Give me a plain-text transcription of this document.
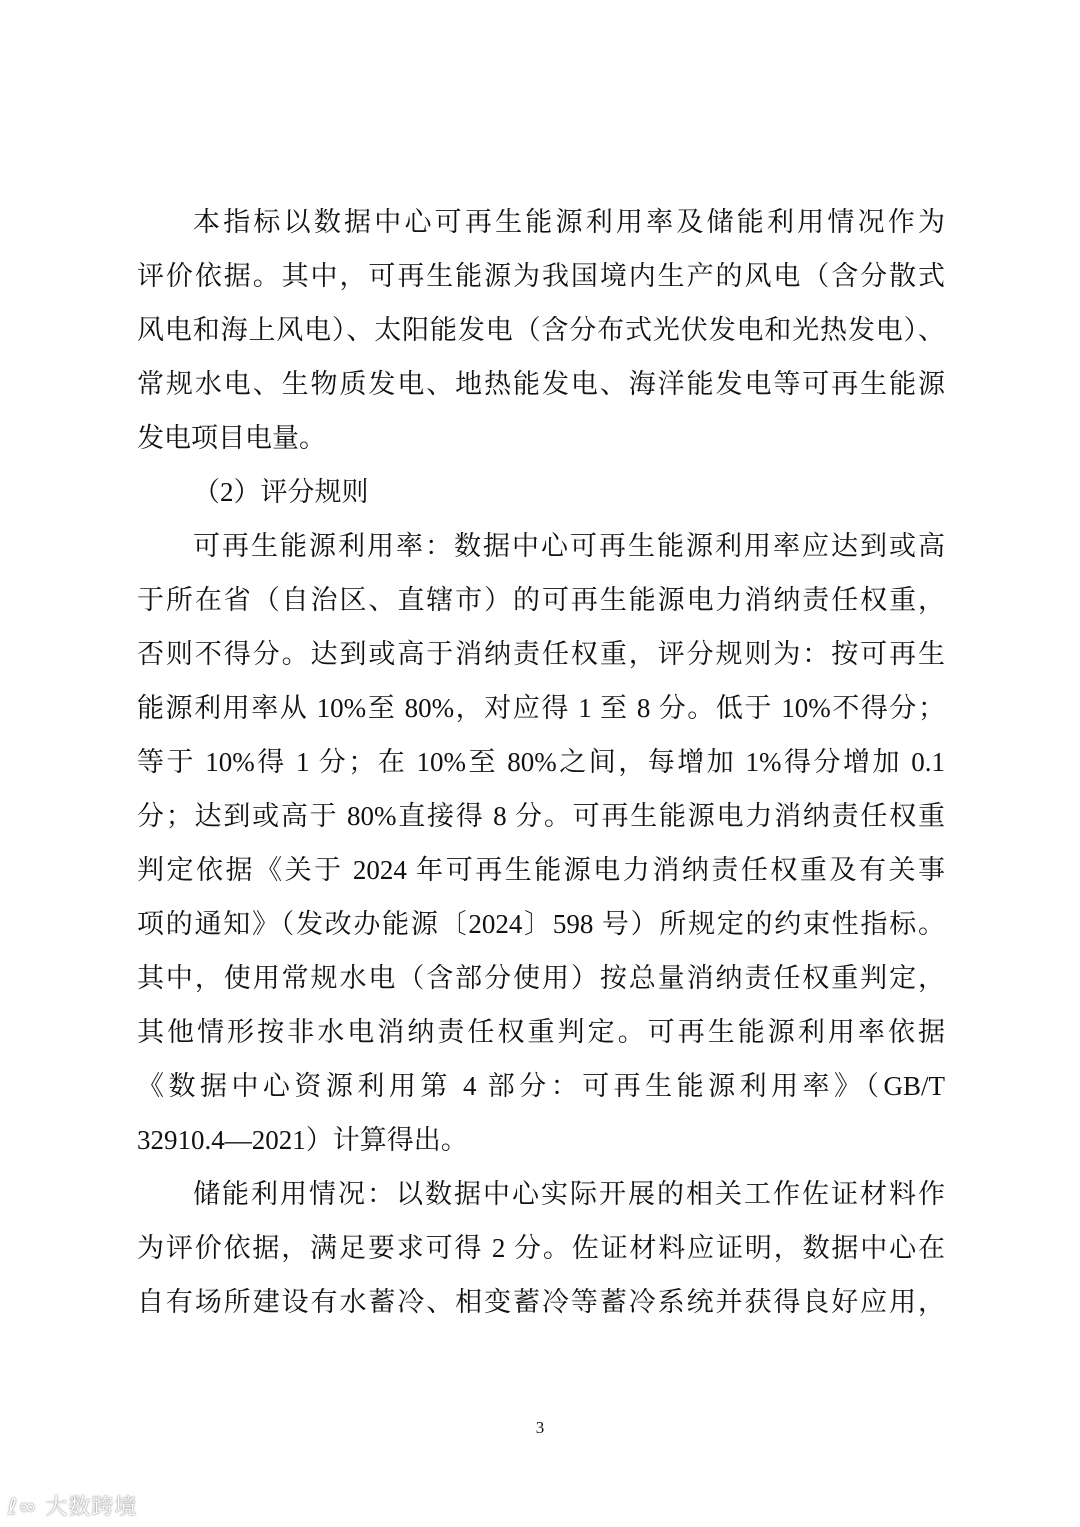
本指标以数据中心可再生能源利用率及储能利用情况作为
评价依据。其中，可再生能源为我国境内生产的风电（含分散式
风电和海上风电）、太阳能发电（含分布式光伏发电和光热发电）、
常规水电、生物质发电、地热能发电、海洋能发电等可再生能源
发电项目电量。
（2）评分规则
可再生能源利用率：数据中心可再生能源利用率应达到或高
于所在省（自治区、直辖市）的可再生能源电力消纳责任权重，
否则不得分。达到或高于消纳责任权重，评分规则为：按可再生
能源利用率从 10%至 80%，对应得 1 至 8 分。低于 10%不得分；
等于 10%得 1 分；在 10%至 80%之间，每增加 1%得分增加 0.1
分；达到或高于 80%直接得 8 分。可再生能源电力消纳责任权重
判定依据《关于 2024 年可再生能源电力消纳责任权重及有关事
项的通知》（发改办能源〔2024〕598 号）所规定的约束性指标。
其中，使用常规水电（含部分使用）按总量消纳责任权重判定，
其他情形按非水电消纳责任权重判定。可再生能源利用率依据
《数据中心资源利用第 4 部分：可再生能源利用率》（GB/T
32910.4—2021）计算得出。
储能利用情况：以数据中心实际开展的相关工作佐证材料作
为评价依据，满足要求可得 2 分。佐证材料应证明，数据中心在
自有场所建设有水蓄冷、相变蓄冷等蓄冷系统并获得良好应用，
3
ℓ∞ 大数跨境
